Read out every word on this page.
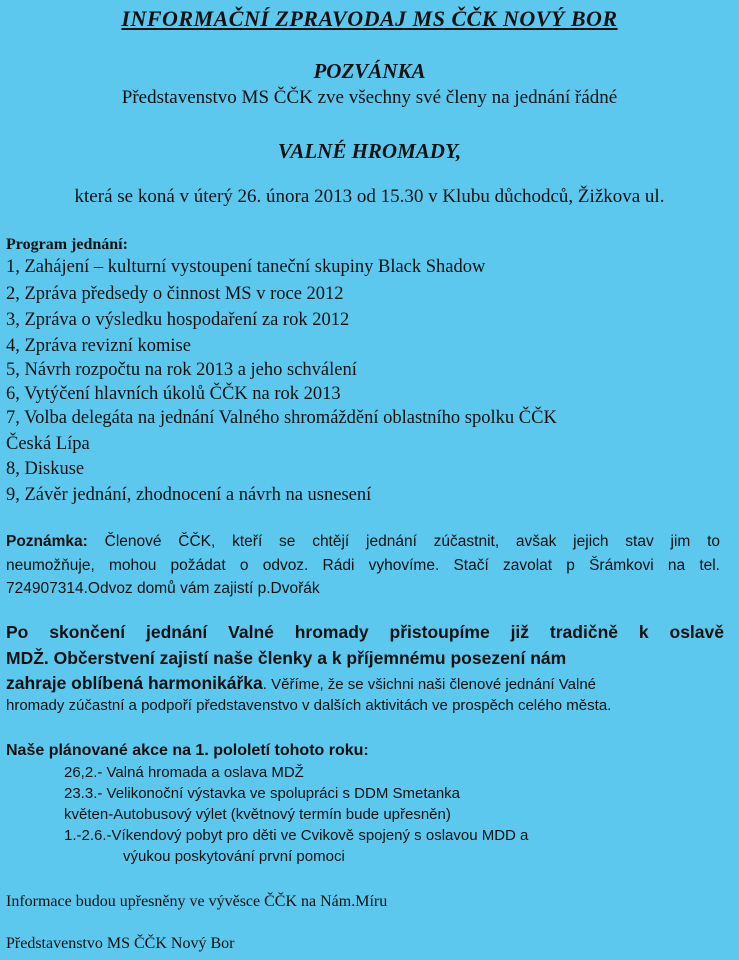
INFORMAČNÍ ZPRAVODAJ MS ČČK NOVÝ BOR
POZVÁNKA
Představenstvo MS ČČK zve všechny své členy na jednání řádné
VALNÉ HROMADY,
která se koná v úterý 26. února 2013 od 15.30 v Klubu důchodců, Žižkova ul.
Program jednání:
1, Zahájení – kulturní vystoupení taneční skupiny Black Shadow
2, Zpráva předsedy o činnost MS v roce 2012
3, Zpráva o výsledku hospodaření za rok 2012
4, Zpráva revizní komise
5, Návrh rozpočtu na rok 2013 a jeho schválení
6, Vytýčení hlavních úkolů ČČK na rok 2013
7, Volba delegáta na jednání Valného shromáždění oblastního spolku ČČK
Česká Lípa
8, Diskuse
9, Závěr jednání, zhodnocení a návrh na usnesení
Poznámka: Členové ČČK, kteří se chtějí jednání zúčastnit, avšak jejich stav jim to
neumožňuje, mohou požádat o odvoz. Rádi vyhovíme. Stačí zavolat p Šrámkovi na tel.
724907314.Odvoz domů vám zajistí p.Dvořák
Po skončení jednání Valné hromady přistoupíme již tradičně k oslavě
MDŽ. Občerstvení zajistí naše členky a k příjemnému posezení nám
zahraje oblíbená harmonikářka. Věříme, že se všichni naši členové jednání Valné
hromady zúčastní a podpoří představenstvo v dalších aktivitách ve prospěch celého města.
Naše plánované akce na 1. pololetí tohoto roku:
26,2.- Valná hromada a oslava MDŽ
23.3.- Velikonoční výstavka ve spolupráci s DDM Smetanka
květen-Autobusový výlet (květnový termín bude upřesněn)
1.-2.6.-Víkendový pobyt pro děti ve Cvikově spojený s oslavou MDD a
výukou poskytování první pomoci
Informace budou upřesněny ve vývěsce ČČK na Nám.Míru
Představenstvo MS ČČK Nový Bor
